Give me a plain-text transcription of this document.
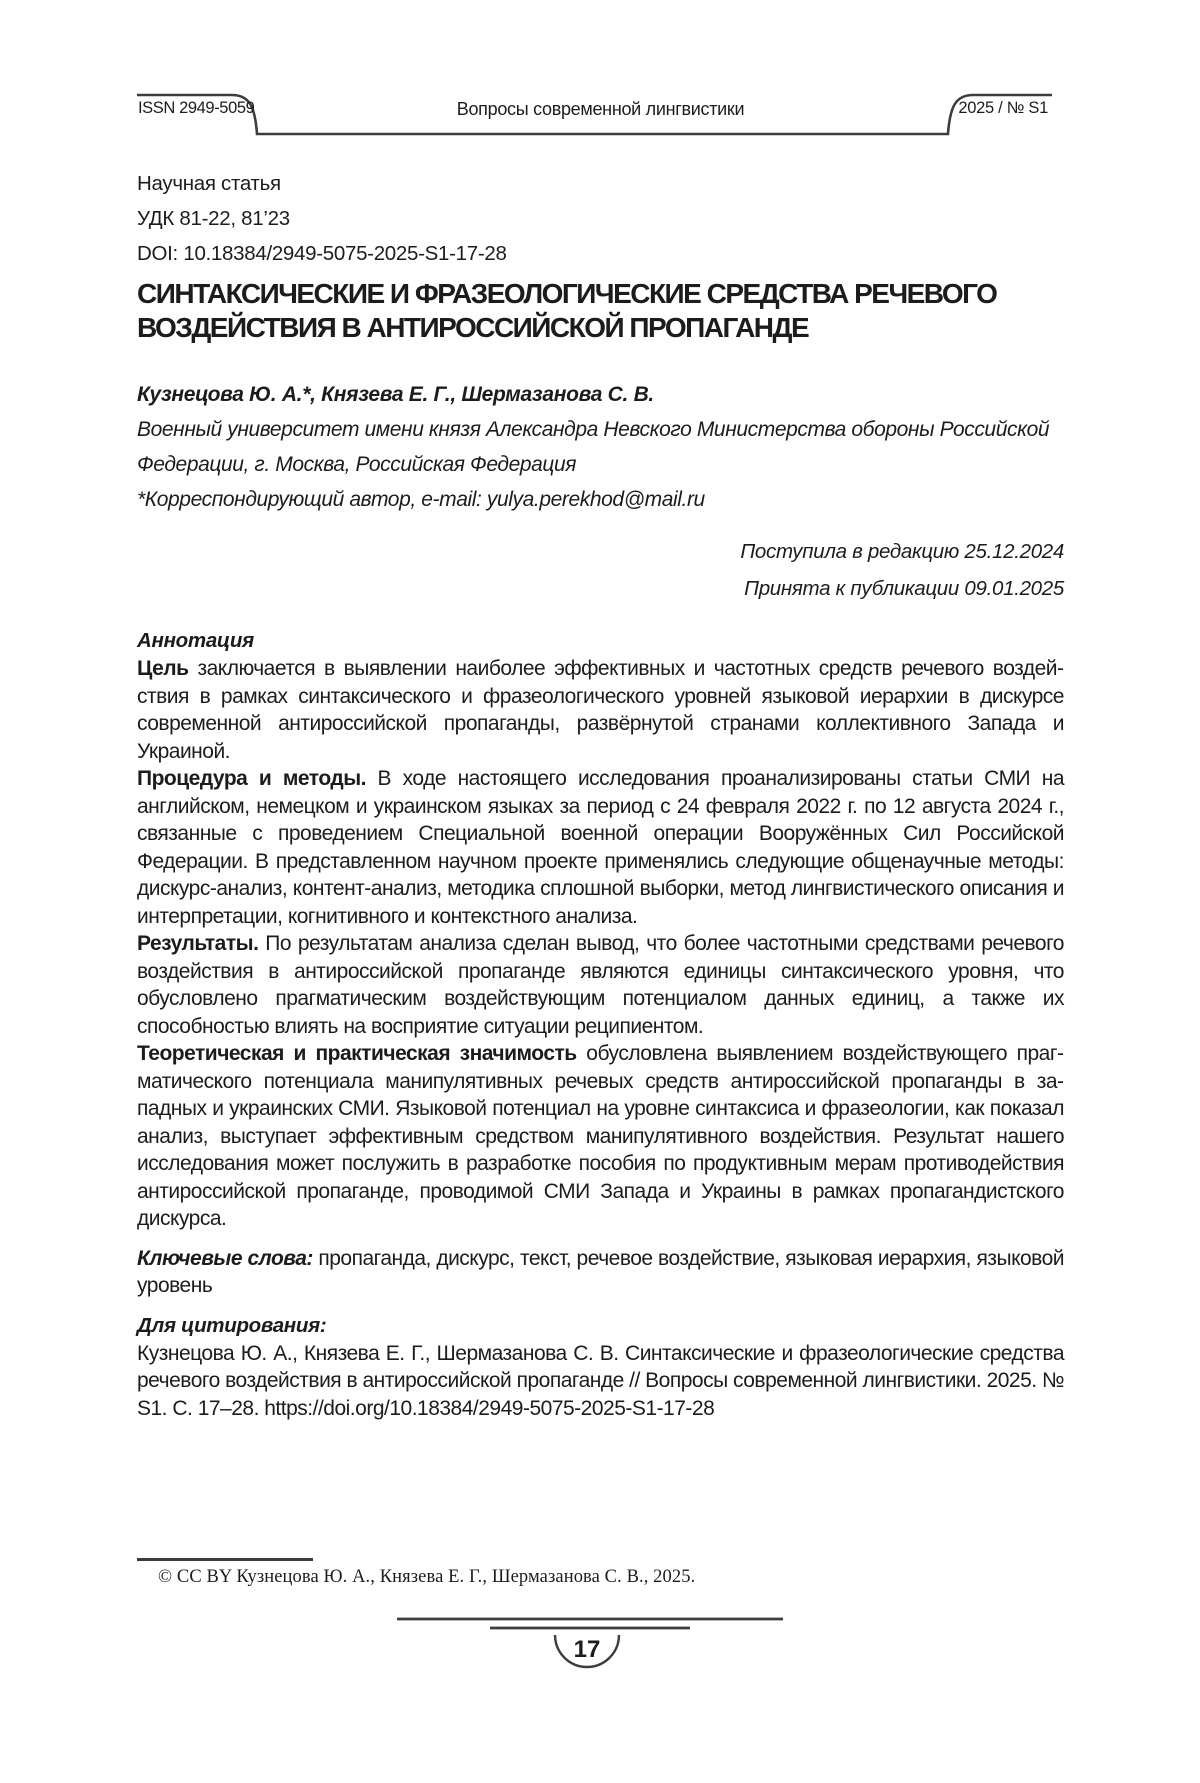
ISSN 2949-5059	Вопросы современной лингвистики	2025 / № S1
Научная статья
УДК 81-22, 81’23
DOI: 10.18384/2949-5075-2025-S1-17-28
СИНТАКСИЧЕСКИЕ И ФРАЗЕОЛОГИЧЕСКИЕ СРЕДСТВА РЕЧЕВОГО ВОЗДЕЙСТВИЯ В АНТИРОССИЙСКОЙ ПРОПАГАНДЕ
Кузнецова Ю. А.*, Князева Е. Г., Шермазанова С. В.
Военный университет имени князя Александра Невского Министерства обороны Российской Федерации, г. Москва, Российская Федерация
*Корреспондирующий автор, e-mail: yulya.perekhod@mail.ru
Поступила в редакцию 25.12.2024
Принята к публикации 09.01.2025
Аннотация

Цель заключается в выявлении наиболее эффективных и частотных средств речевого воздействия в рамках синтаксического и фразеологического уровней языковой иерархии в дискурсе современной антироссийской пропаганды, развёрнутой странами коллективного Запада и Украиной.

Процедура и методы. В ходе настоящего исследования проанализированы статьи СМИ на английском, немецком и украинском языках за период с 24 февраля 2022 г. по 12 августа 2024 г., связанные с проведением Специальной военной операции Вооружённых Сил Российской Федерации. В представленном научном проекте применялись следующие общенаучные методы: дискурс-анализ, контент-анализ, методика сплошной выборки, метод лингвистического описания и интерпретации, когнитивного и контекстного анализа.

Результаты. По результатам анализа сделан вывод, что более частотными средствами речевого воздействия в антироссийской пропаганде являются единицы синтаксического уровня, что обусловлено прагматическим воздействующим потенциалом данных единиц, а также их способностью влиять на восприятие ситуации реципиентом.

Теоретическая и практическая значимость обусловлена выявлением воздействующего прагматического потенциала манипулятивных речевых средств антироссийской пропаганды в западных и украинских СМИ. Языковой потенциал на уровне синтаксиса и фразеологии, как показал анализ, выступает эффективным средством манипулятивного воздействия. Результат нашего исследования может послужить в разработке пособия по продуктивным мерам противодействия антироссийской пропаганде, проводимой СМИ Запада и Украины в рамках пропагандистского дискурса.

Ключевые слова: пропаганда, дискурс, текст, речевое воздействие, языковая иерархия, языковой уровень

Для цитирования:

Кузнецова Ю. А., Князева Е. Г., Шермазанова С. В. Синтаксические и фразеологические средства речевого воздействия в антироссийской пропаганде // Вопросы современной лингвистики. 2025. № S1. С. 17–28. https://doi.org/10.18384/2949-5075-2025-S1-17-28

© CC BY Кузнецова Ю. А., Князева Е. Г., Шермазанова С. В., 2025.
17
